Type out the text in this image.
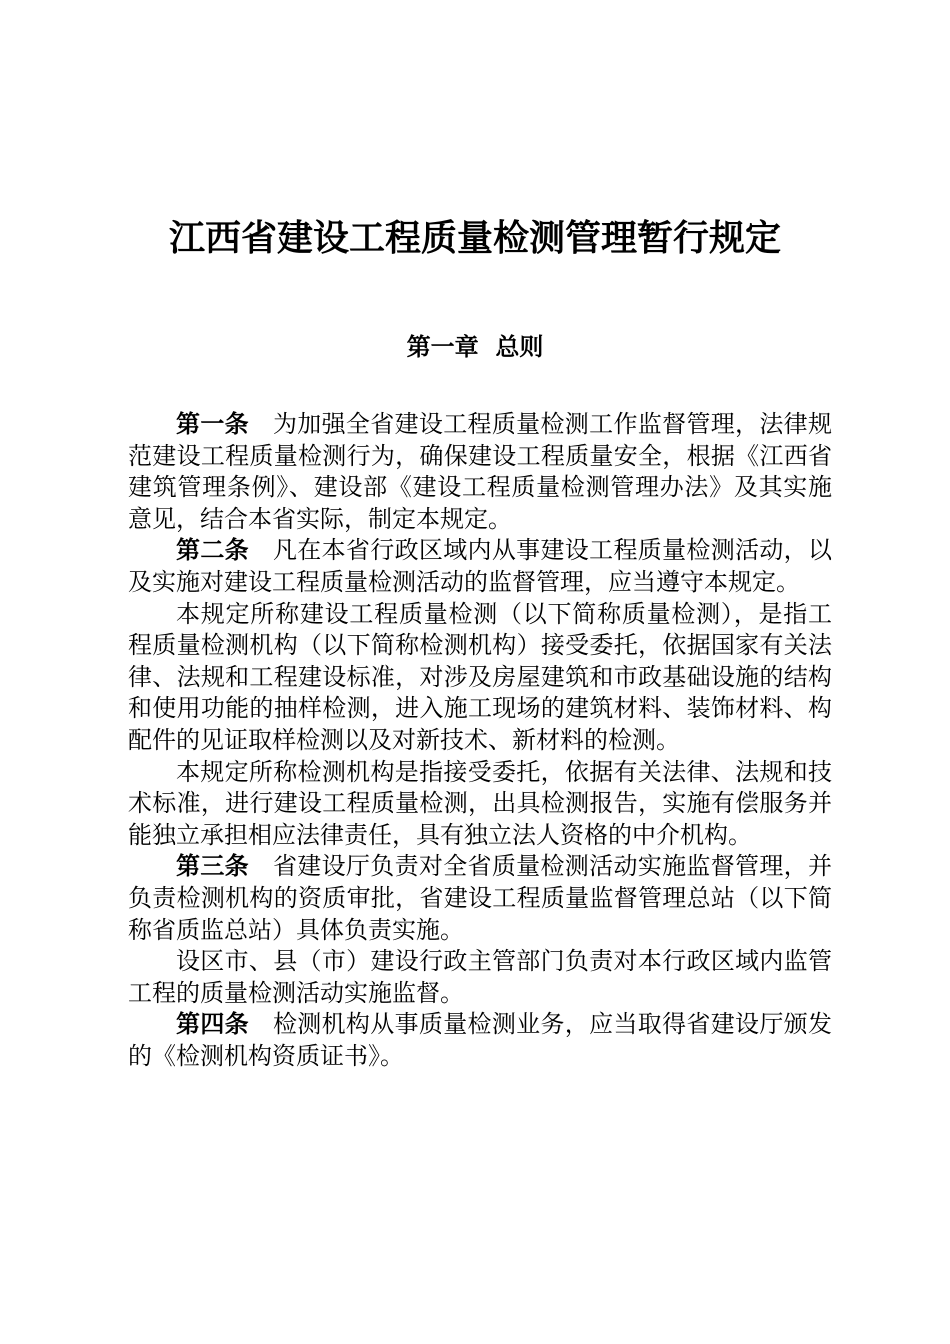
江西省建设工程质量检测管理暂行规定
第一章  总则

第一条 为加强全省建设工程质量检测工作监督管理，法律规范建设工程质量检测行为，确保建设工程质量安全，根据《江西省建筑管理条例》、建设部《建设工程质量检测管理办法》及其实施意见，结合本省实际，制定本规定。

第二条 凡在本省行政区域内从事建设工程质量检测活动，以及实施对建设工程质量检测活动的监督管理，应当遵守本规定。

本规定所称建设工程质量检测（以下简称质量检测），是指工程质量检测机构（以下简称检测机构）接受委托，依据国家有关法律、法规和工程建设标准，对涉及房屋建筑和市政基础设施的结构和使用功能的抽样检测，进入施工现场的建筑材料、装饰材料、构配件的见证取样检测以及对新技术、新材料的检测。

本规定所称检测机构是指接受委托，依据有关法律、法规和技术标准，进行建设工程质量检测，出具检测报告，实施有偿服务并能独立承担相应法律责任，具有独立法人资格的中介机构。

第三条 省建设厅负责对全省质量检测活动实施监督管理，并负责检测机构的资质审批，省建设工程质量监督管理总站（以下简称省质监总站）具体负责实施。

设区市、县（市）建设行政主管部门负责对本行政区域内监管工程的质量检测活动实施监督。

第四条 检测机构从事质量检测业务，应当取得省建设厅颁发的《检测机构资质证书》。
